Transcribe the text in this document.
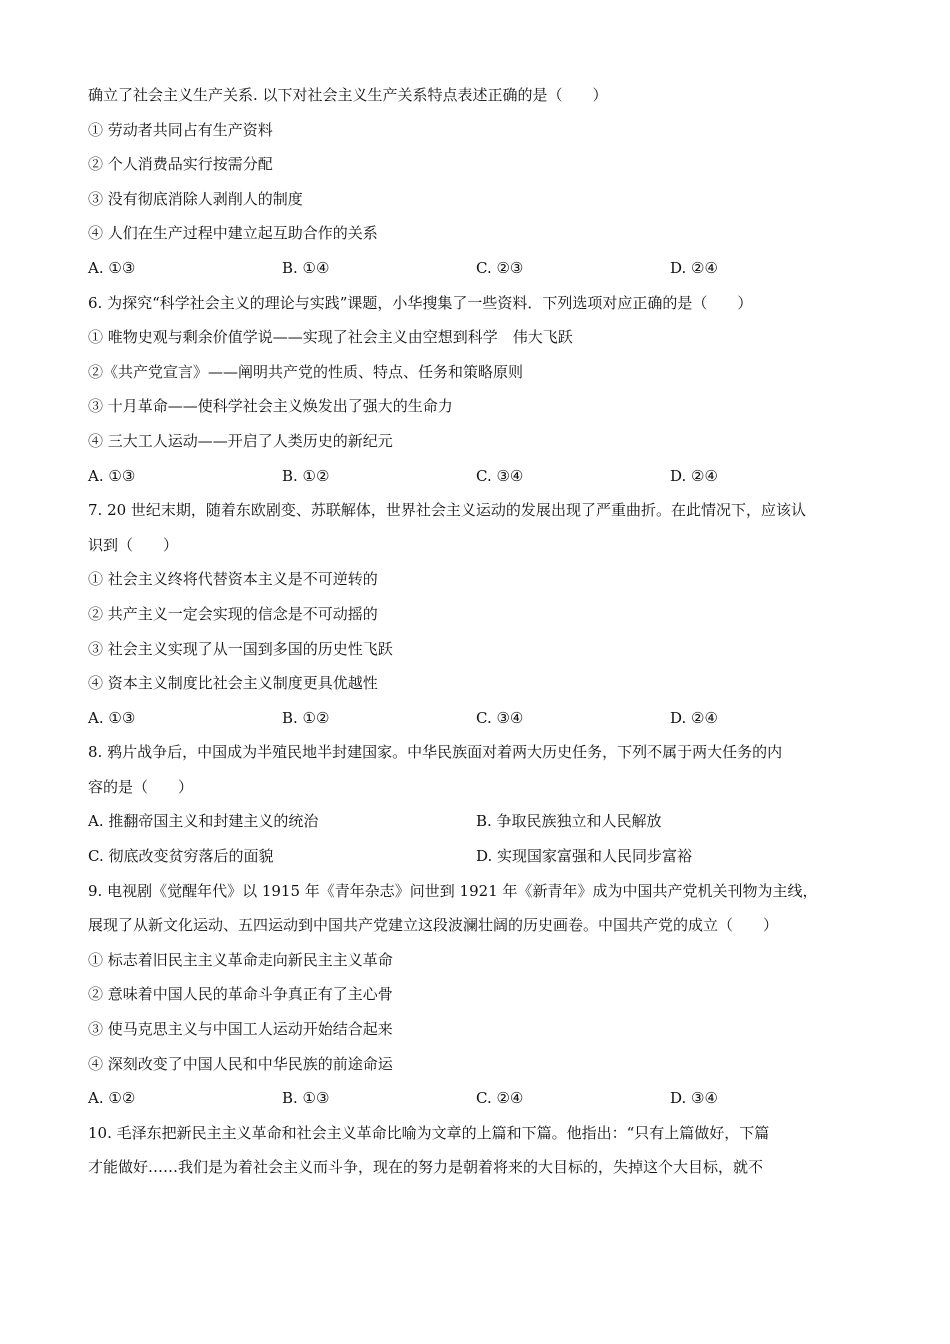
确立了社会主义生产关系. 以下对社会主义生产关系特点表述正确的是（　　）
① 劳动者共同占有生产资料
② 个人消费品实行按需分配
③ 没有彻底消除人剥削人的制度
④ 人们在生产过程中建立起互助合作的关系
A. ①③	B. ①④	C. ②③	D. ②④
6. 为探究“科学社会主义的理论与实践”课题，小华搜集了一些资料．下列选项对应正确的是（　　）
① 唯物史观与剩余价值学说——实现了社会主义由空想到科学　伟大飞跃
②《共产党宣言》——阐明共产党的性质、特点、任务和策略原则
③ 十月革命——使科学社会主义焕发出了强大的生命力
④ 三大工人运动——开启了人类历史的新纪元
A. ①③	B. ①②	C. ③④	D. ②④
7. 20 世纪末期，随着东欧剧变、苏联解体，世界社会主义运动的发展出现了严重曲折。在此情况下，应该认
识到（　　）
① 社会主义终将代替资本主义是不可逆转的
② 共产主义一定会实现的信念是不可动摇的
③ 社会主义实现了从一国到多国的历史性飞跃
④ 资本主义制度比社会主义制度更具优越性
A. ①③	B. ①②	C. ③④	D. ②④
8. 鸦片战争后，中国成为半殖民地半封建国家。中华民族面对着两大历史任务，下列不属于两大任务的内
容的是（　　）
A. 推翻帝国主义和封建主义的统治	B. 争取民族独立和人民解放
C. 彻底改变贫穷落后的面貌	D. 实现国家富强和人民同步富裕
9. 电视剧《觉醒年代》以 1915 年《青年杂志》问世到 1921 年《新青年》成为中国共产党机关刊物为主线，
展现了从新文化运动、五四运动到中国共产党建立这段波澜壮阔的历史画卷。中国共产党的成立（　　）
① 标志着旧民主主义革命走向新民主主义革命
② 意味着中国人民的革命斗争真正有了主心骨
③ 使马克思主义与中国工人运动开始结合起来
④ 深刻改变了中国人民和中华民族的前途命运
A. ①②	B. ①③	C. ②④	D. ③④
10. 毛泽东把新民主主义革命和社会主义革命比喻为文章的上篇和下篇。他指出：“只有上篇做好，下篇
才能做好……我们是为着社会主义而斗争，现在的努力是朝着将来的大目标的，失掉这个大目标，就不
